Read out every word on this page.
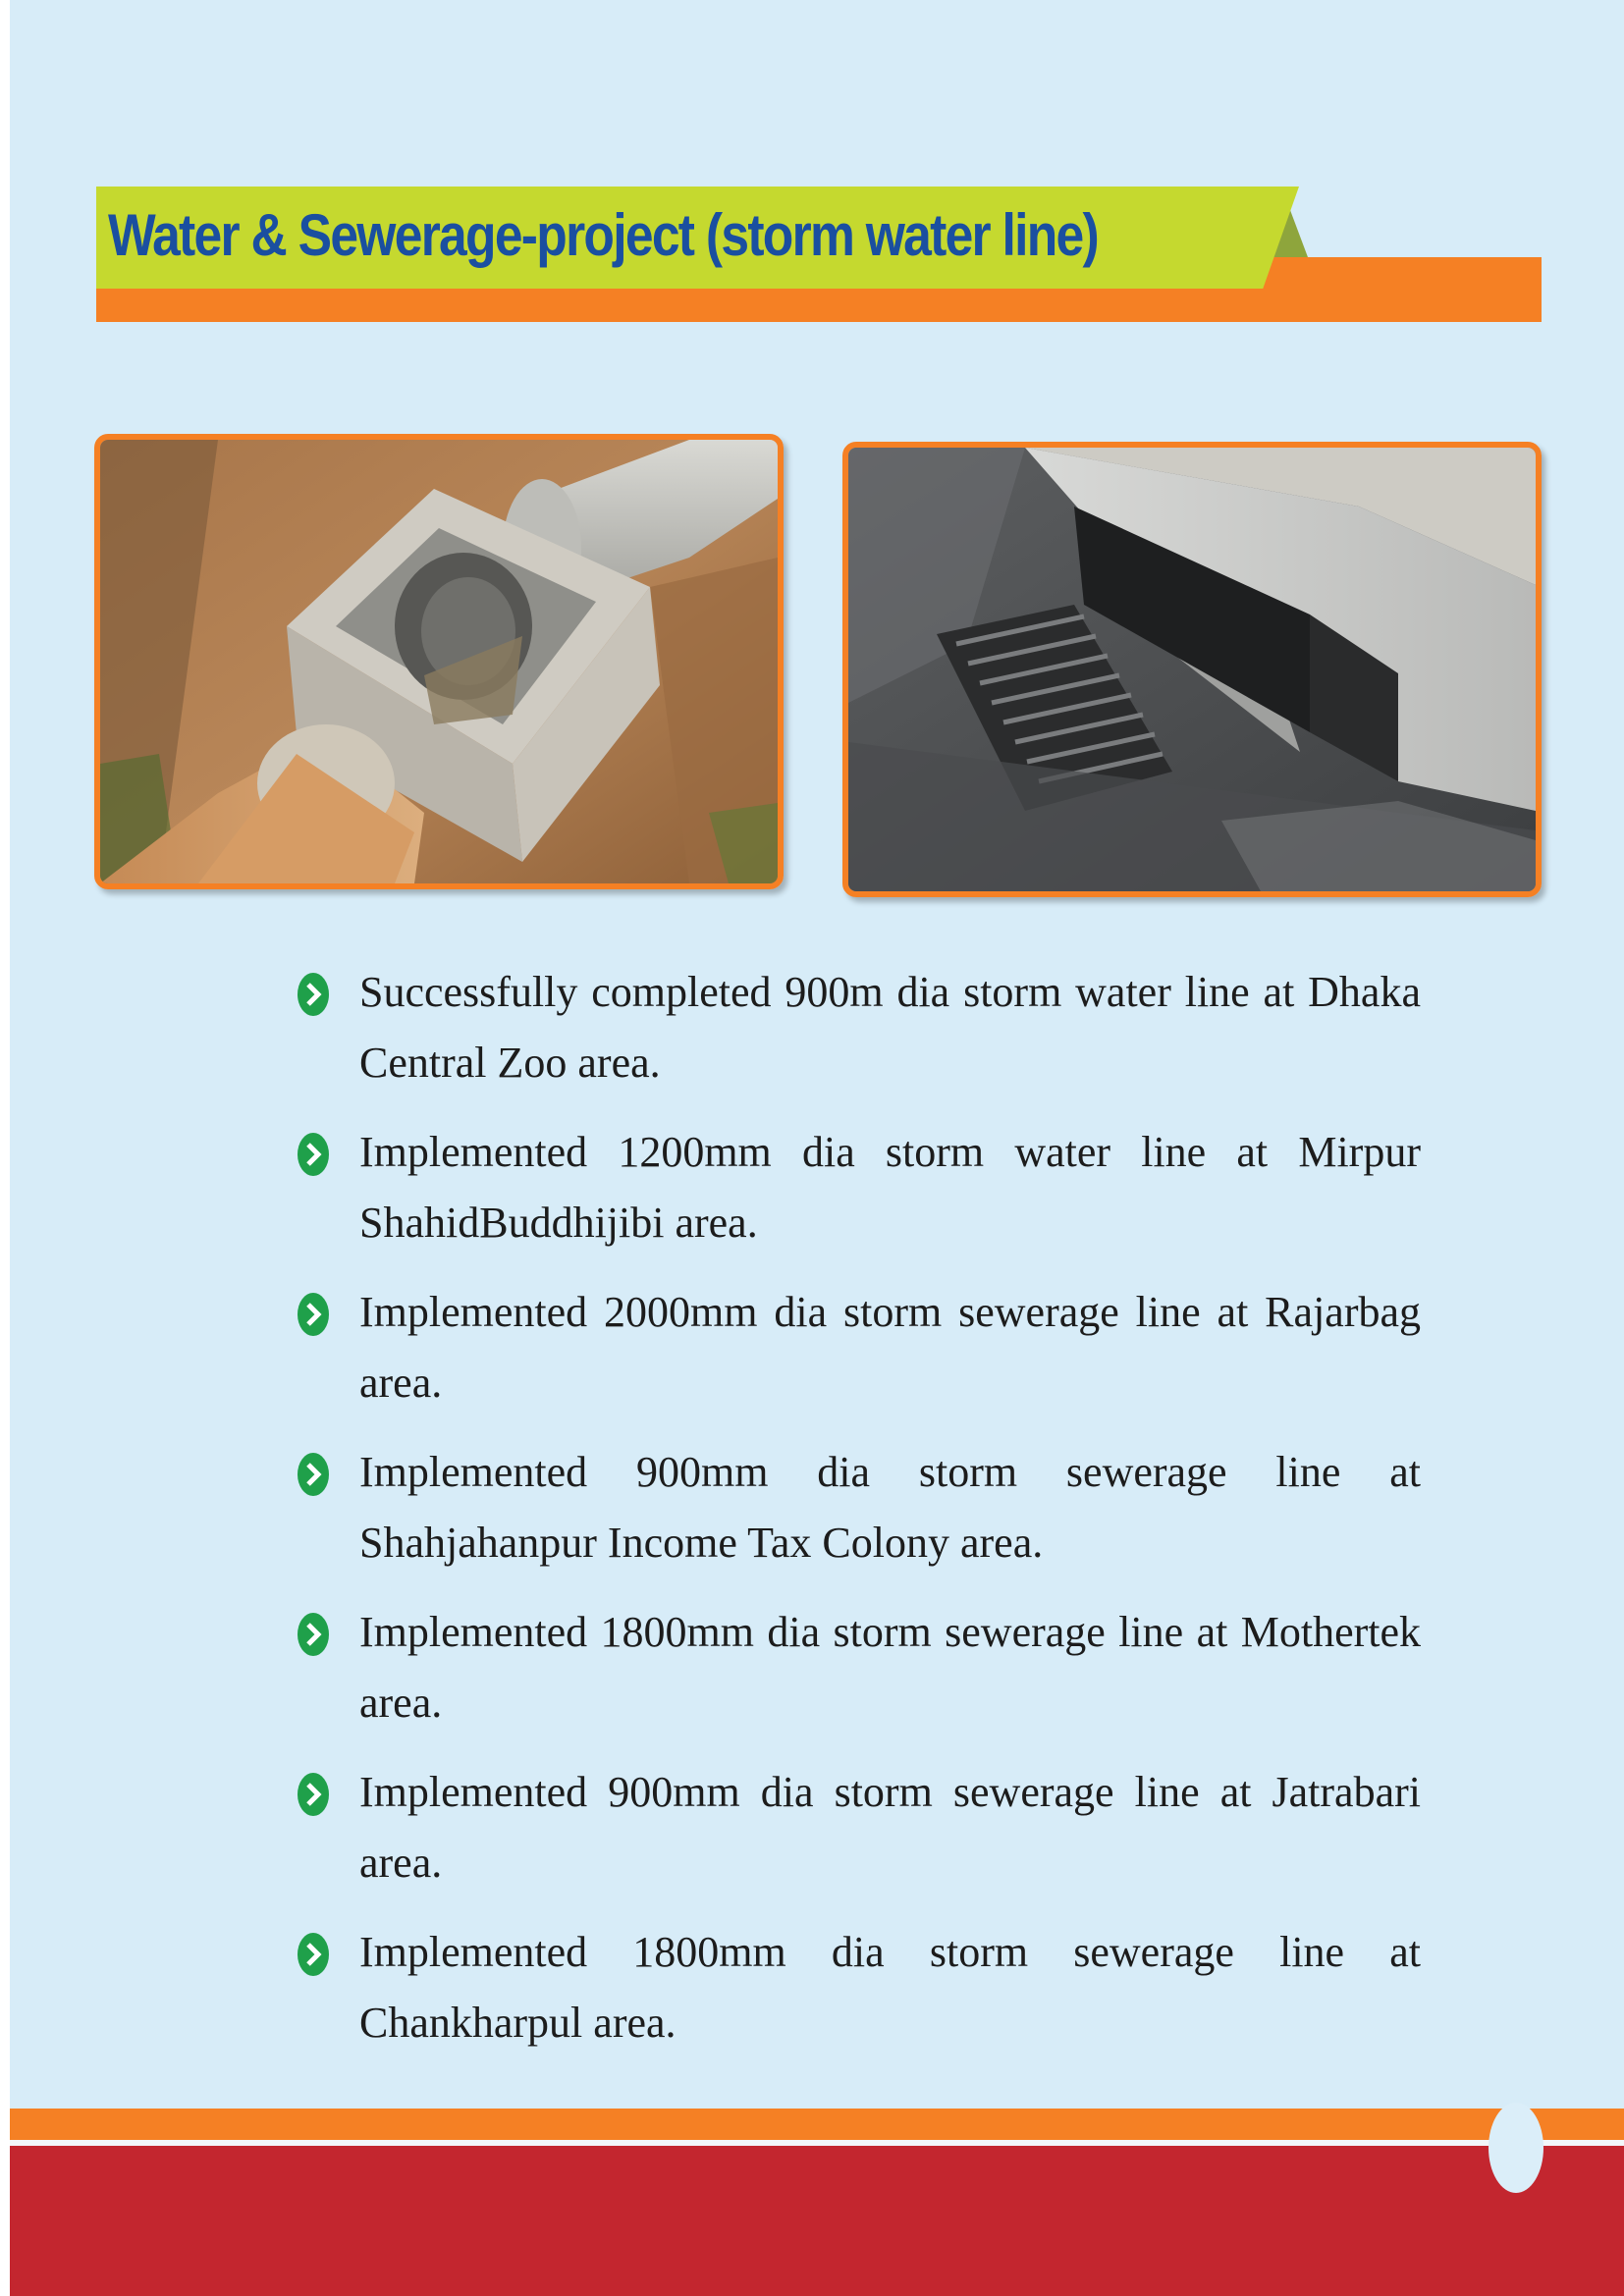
Water & Sewerage-project (storm water line)
Successfully completed 900m dia storm water line at Dhaka Central Zoo area.
Implemented 1200mm dia storm water line at Mirpur ShahidBuddhijibi area.
Implemented 2000mm dia storm sewerage line at Rajarbag area.
Implemented 900mm dia storm sewerage line at Shahjahanpur Income Tax Colony area.
Implemented 1800mm dia storm sewerage line at Mothertek area.
Implemented 900mm dia storm sewerage line at Jatrabari area.
Implemented 1800mm dia storm sewerage line at Chankharpul area.
